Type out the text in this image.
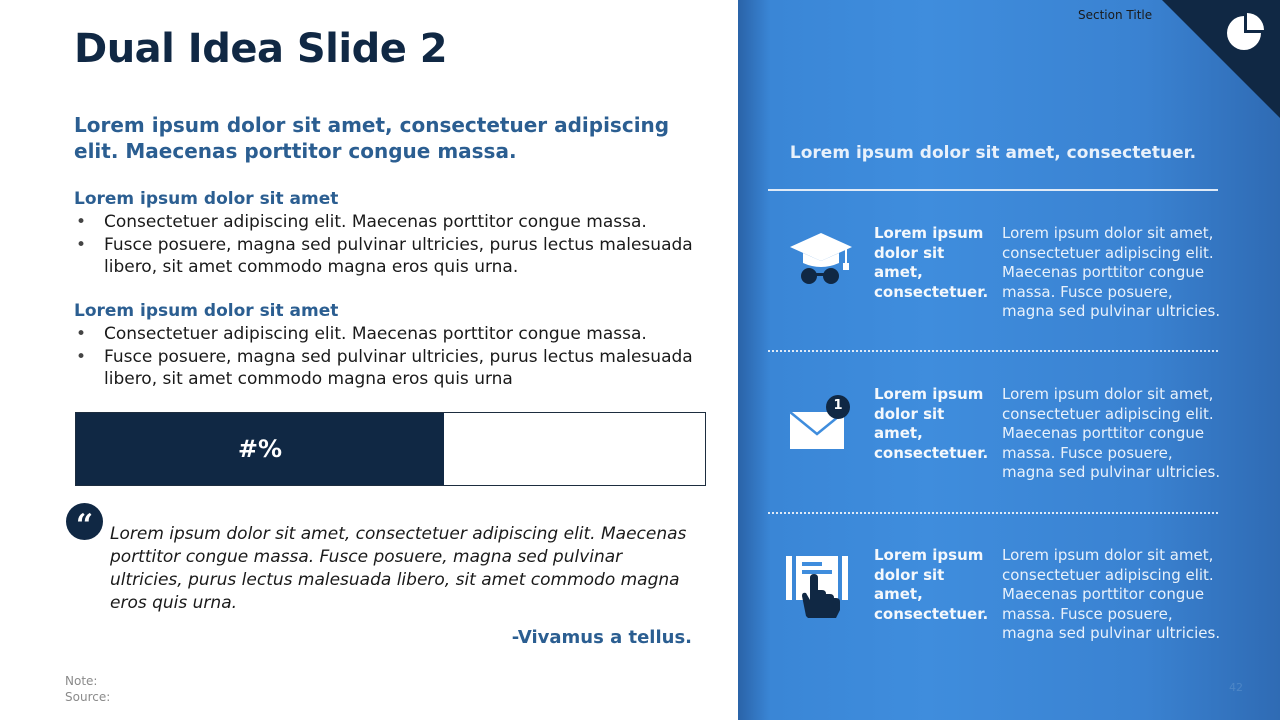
Dual Idea Slide 2
Lorem ipsum dolor sit amet, consectetuer adipiscing elit. Maecenas porttitor congue massa.
Lorem ipsum dolor sit amet
• Consectetuer adipiscing elit. Maecenas porttitor congue massa.
• Fusce posuere, magna sed pulvinar ultricies, purus lectus malesuada libero, sit amet commodo magna eros quis urna.
Lorem ipsum dolor sit amet
• Consectetuer adipiscing elit. Maecenas porttitor congue massa.
• Fusce posuere, magna sed pulvinar ultricies, purus lectus malesuada libero, sit amet commodo magna eros quis urna
#%
“ Lorem ipsum dolor sit amet, consectetuer adipiscing elit. Maecenas porttitor congue massa. Fusce posuere, magna sed pulvinar ultricies, purus lectus malesuada libero, sit amet commodo magna eros quis urna.
-Vivamus a tellus.
Note:
Source:
Section Title
Lorem ipsum dolor sit amet, consectetuer.
Lorem ipsum dolor sit amet, consectetuer.
Lorem ipsum dolor sit amet, consectetuer adipiscing elit. Maecenas porttitor congue massa. Fusce posuere, magna sed pulvinar ultricies.
1
Lorem ipsum dolor sit amet, consectetuer.
Lorem ipsum dolor sit amet, consectetuer adipiscing elit. Maecenas porttitor congue massa. Fusce posuere, magna sed pulvinar ultricies.
Lorem ipsum dolor sit amet, consectetuer.
Lorem ipsum dolor sit amet, consectetuer adipiscing elit. Maecenas porttitor congue massa. Fusce posuere, magna sed pulvinar ultricies.
42
